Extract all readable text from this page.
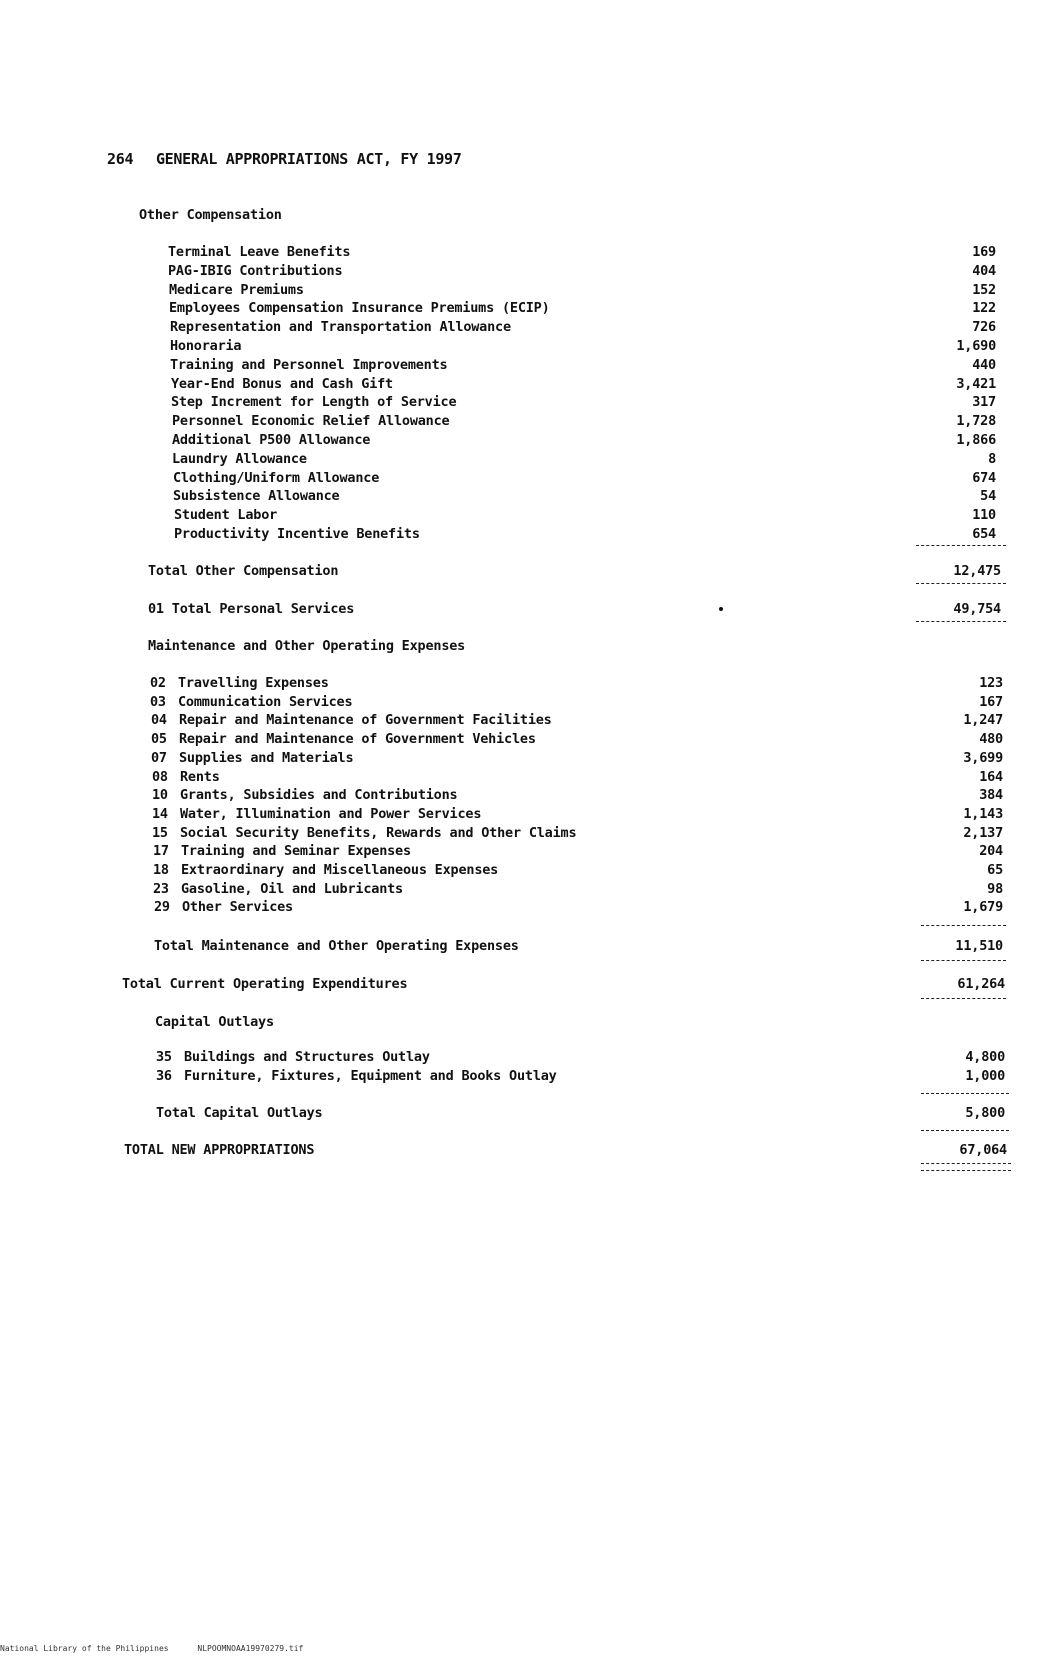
264 GENERAL APPROPRIATIONS ACT, FY 1997
Other Compensation
Terminal Leave Benefits	169
PAG-IBIG Contributions	404
Medicare Premiums	152
Employees Compensation Insurance Premiums (ECIP)	122
Representation and Transportation Allowance	726
Honoraria	1,690
Training and Personnel Improvements	440
Year-End Bonus and Cash Gift	3,421
Step Increment for Length of Service	317
Personnel Economic Relief Allowance	1,728
Additional P500 Allowance	1,866
Laundry Allowance	8
Clothing/Uniform Allowance	674
Subsistence Allowance	54
Student Labor	110
Productivity Incentive Benefits	654
Total Other Compensation	12,475
01 Total Personal Services	49,754
Maintenance and Other Operating Expenses
02 Travelling Expenses	123
03 Communication Services	167
04 Repair and Maintenance of Government Facilities	1,247
05 Repair and Maintenance of Government Vehicles	480
07 Supplies and Materials	3,699
08 Rents	164
10 Grants, Subsidies and Contributions	384
14 Water, Illumination and Power Services	1,143
15 Social Security Benefits, Rewards and Other Claims	2,137
17 Training and Seminar Expenses	204
18 Extraordinary and Miscellaneous Expenses	65
23 Gasoline, Oil and Lubricants	98
29 Other Services	1,679
Total Maintenance and Other Operating Expenses	11,510
Total Current Operating Expenditures	61,264
Capital Outlays
35 Buildings and Structures Outlay	4,800
36 Furniture, Fixtures, Equipment and Books Outlay	1,000
Total Capital Outlays	5,800
TOTAL NEW APPROPRIATIONS	67,064
National Library of the Philippines	NLPOOMNOAA19970279.tif
